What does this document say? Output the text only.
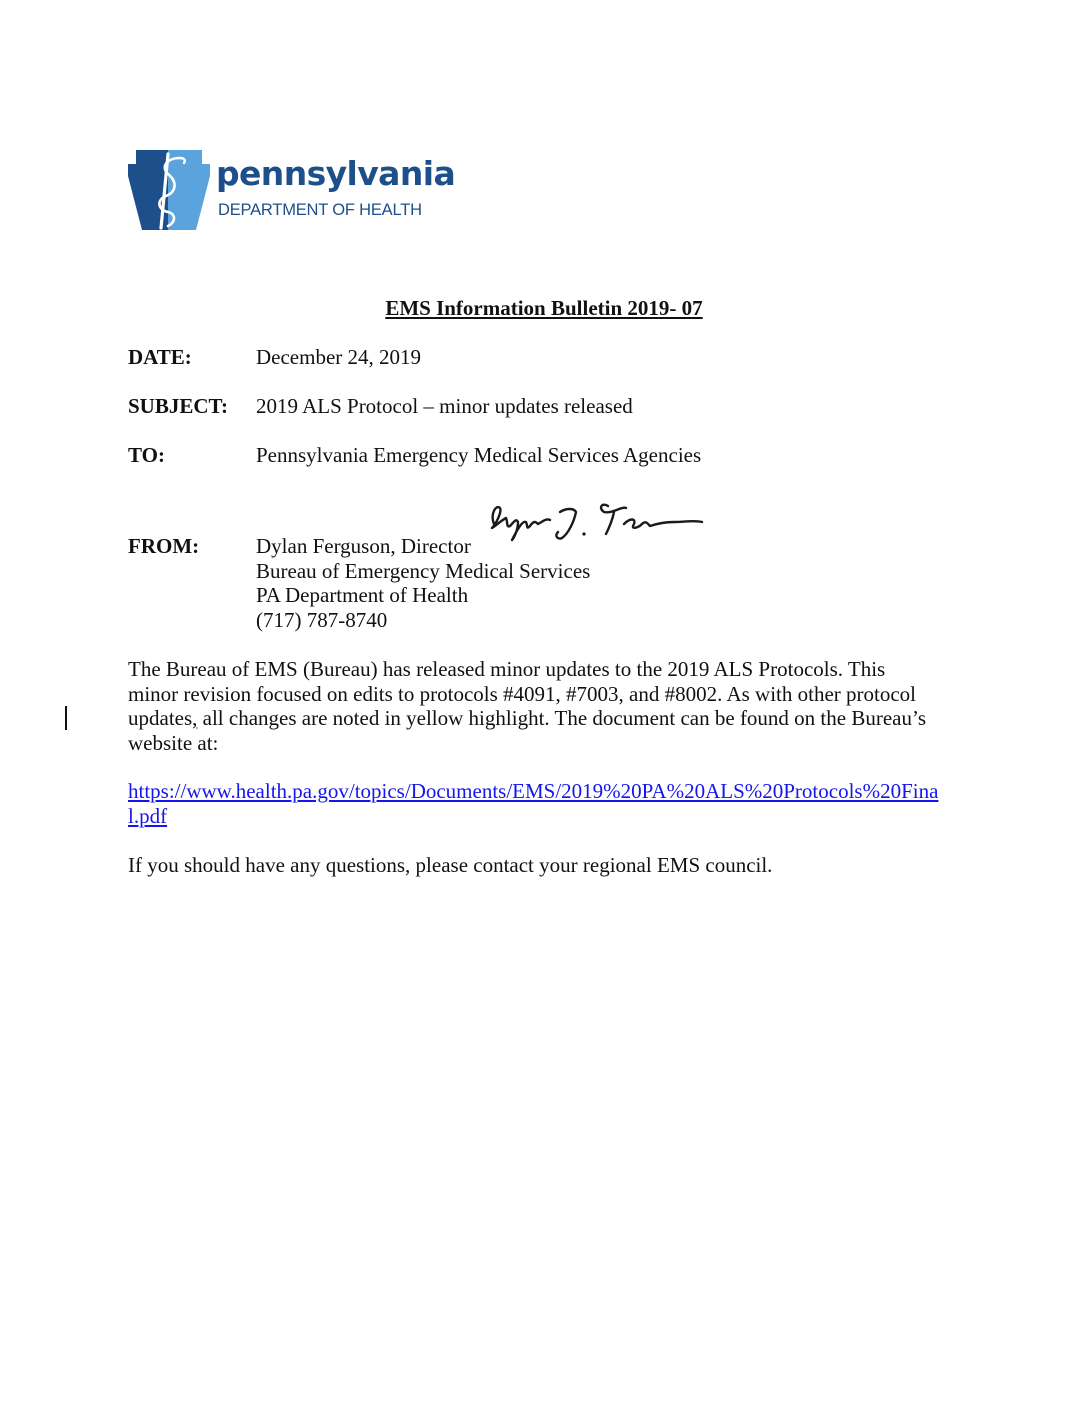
pennsylvania
DEPARTMENT OF HEALTH
EMS Information Bulletin 2019- 07
DATE:	December 24, 2019
SUBJECT: 2019 ALS Protocol – minor updates released
TO:	Pennsylvania Emergency Medical Services Agencies
FROM:	Dylan Ferguson, Director
Bureau of Emergency Medical Services
PA Department of Health
(717) 787-8740
The Bureau of EMS (Bureau) has released minor updates to the 2019 ALS Protocols. This
minor revision focused on edits to protocols #4091, #7003, and #8002. As with other protocol
updates, all changes are noted in yellow highlight. The document can be found on the Bureau’s
website at:
https://www.health.pa.gov/topics/Documents/EMS/2019%20PA%20ALS%20Protocols%20Fina
l.pdf
If you should have any questions, please contact your regional EMS council.
